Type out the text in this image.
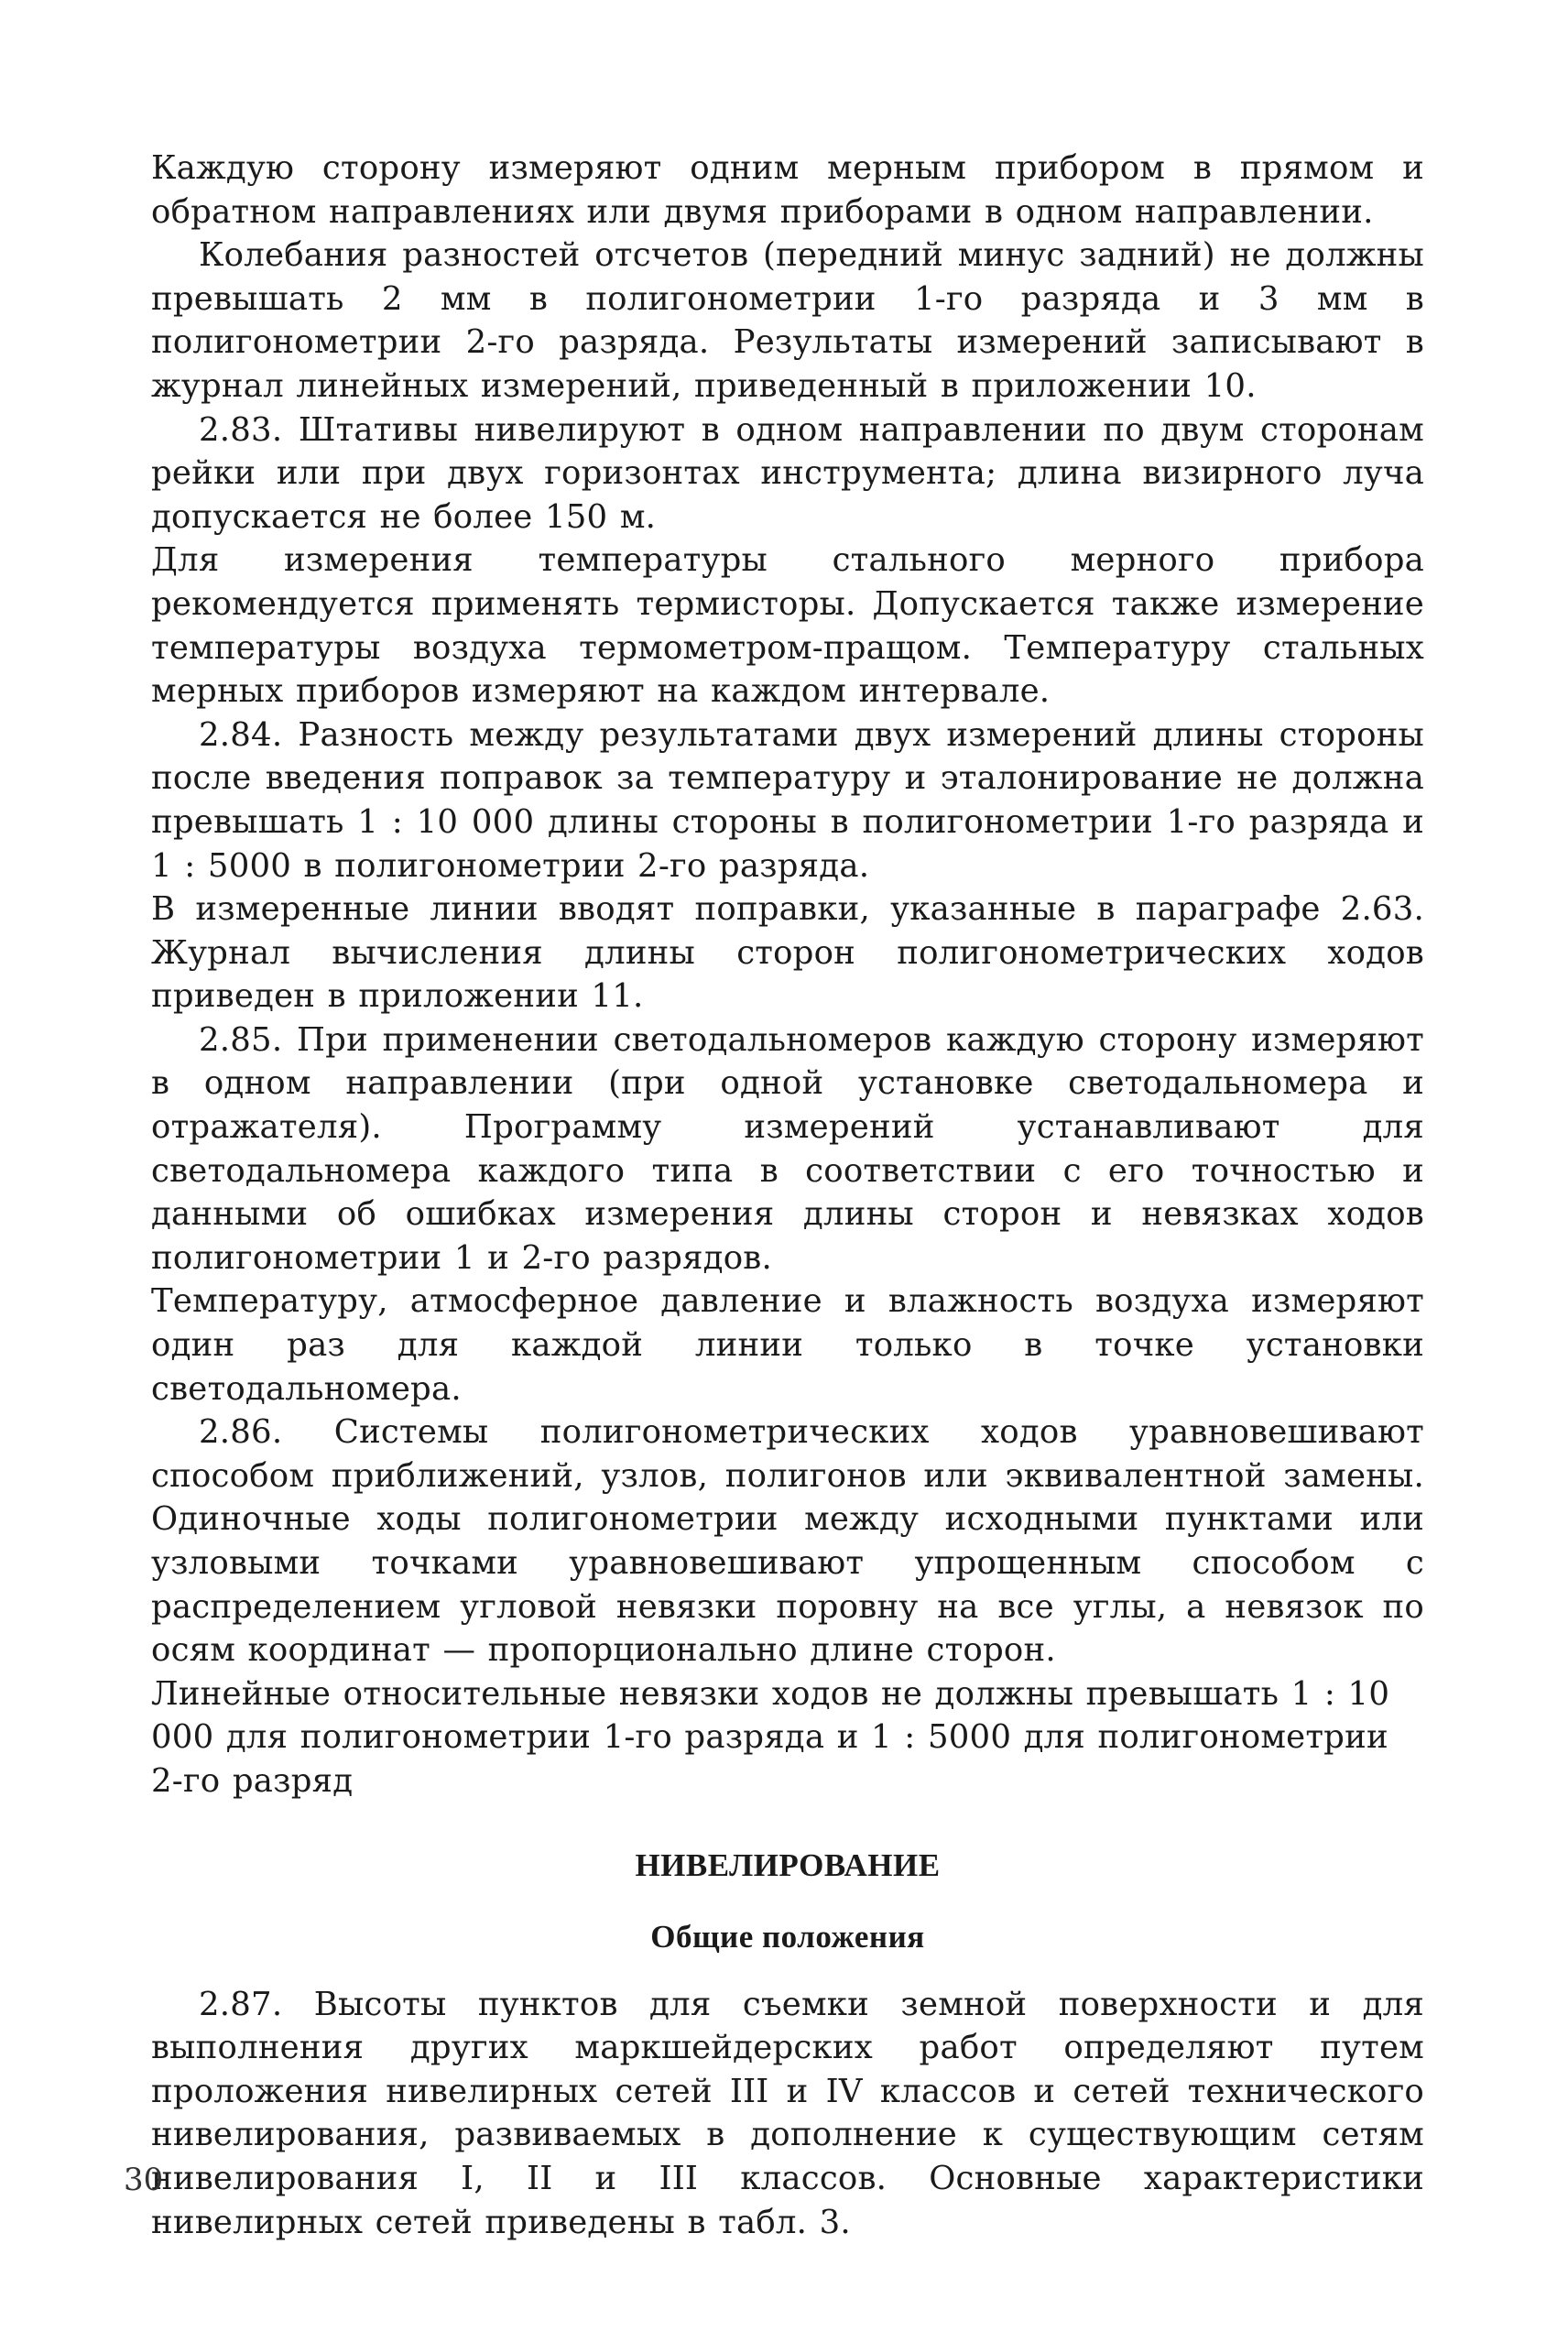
Каждую сторону измеряют одним мерным прибором в прямом и обратном направлениях или двумя приборами в одном направлении.

Колебания разностей отсчетов (передний минус задний) не должны превышать 2 мм в полигонометрии 1-го разряда и 3 мм в полигонометрии 2-го разряда. Результаты измерений записывают в журнал линейных измерений, приведенный в приложении 10.

2.83. Штативы нивелируют в одном направлении по двум сторонам рейки или при двух горизонтах инструмента; длина визирного луча допускается не более 150 м.

Для измерения температуры стального мерного прибора рекомендуется применять термисторы. Допускается также измерение температуры воздуха термометром-пращом. Температуру стальных мерных приборов измеряют на каждом интервале.

2.84. Разность между результатами двух измерений длины стороны после введения поправок за температуру и эталонирование не должна превышать 1 : 10 000 длины стороны в полигонометрии 1-го разряда и 1 : 5000 в полигонометрии 2-го разряда.

В измеренные линии вводят поправки, указанные в параграфе 2.63. Журнал вычисления длины сторон полигонометрических ходов приведен в приложении 11.

2.85. При применении светодальномеров каждую сторону измеряют в одном направлении (при одной установке светодальномера и отражателя). Программу измерений устанавливают для светодальномера каждого типа в соответствии с его точностью и данными об ошибках измерения длины сторон и невязках ходов полигонометрии 1 и 2-го разрядов.

Температуру, атмосферное давление и влажность воздуха измеряют один раз для каждой линии только в точке установки светодальномера.

2.86. Системы полигонометрических ходов уравновешивают способом приближений, узлов, полигонов или эквивалентной замены. Одиночные ходы полигонометрии между исходными пунктами или узловыми точками уравновешивают упрощенным способом с распределением угловой невязки поровну на все углы, а невязок по осям координат — пропорционально длине сторон.

Линейные относительные невязки ходов не должны превышать 1 : 10 000 для полигонометрии 1-го разряда и 1 : 5000 для полигонометрии 2-го разряд

НИВЕЛИРОВАНИЕ
Общие положения

2.87. Высоты пунктов для съемки земной поверхности и для выполнения других маркшейдерских работ определяют путем проложения нивелирных сетей III и IV классов и сетей технического нивелирования, развиваемых в дополнение к существующим сетям нивелирования I, II и III классов. Основные характеристики нивелирных сетей приведены в табл. 3.

30
